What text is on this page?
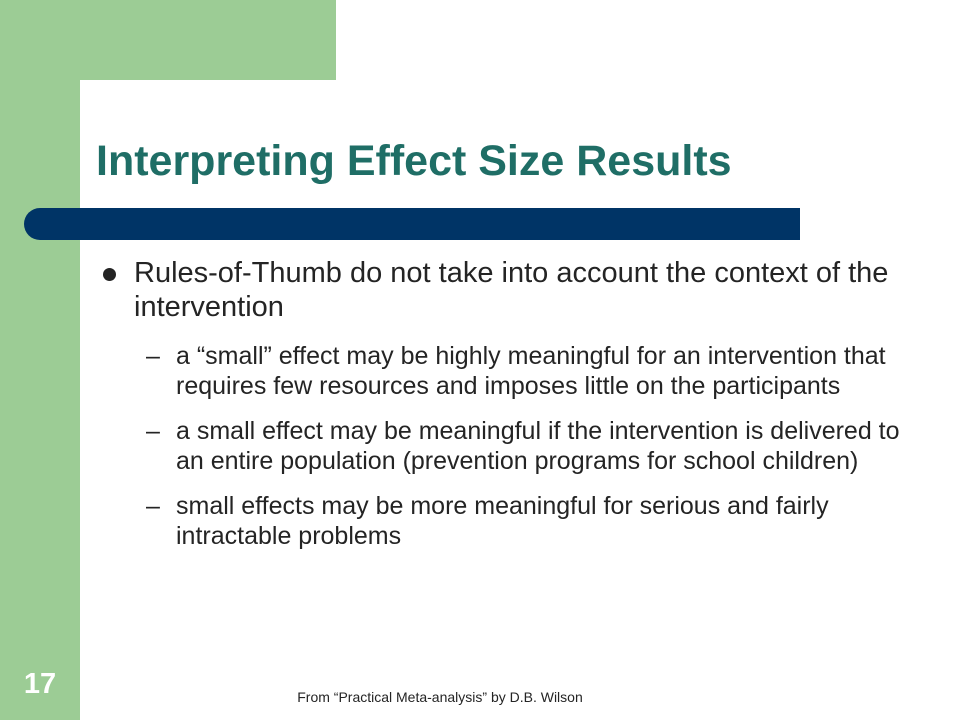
Interpreting Effect Size Results
Rules-of-Thumb do not take into account the context of the intervention
– a “small” effect may be highly meaningful for an intervention that requires few resources and imposes little on the participants
– a small effect may be meaningful if the intervention is delivered to an entire population (prevention programs for school children)
– small effects may be more meaningful for serious and fairly intractable problems
17	From “Practical Meta-analysis” by D.B. Wilson
